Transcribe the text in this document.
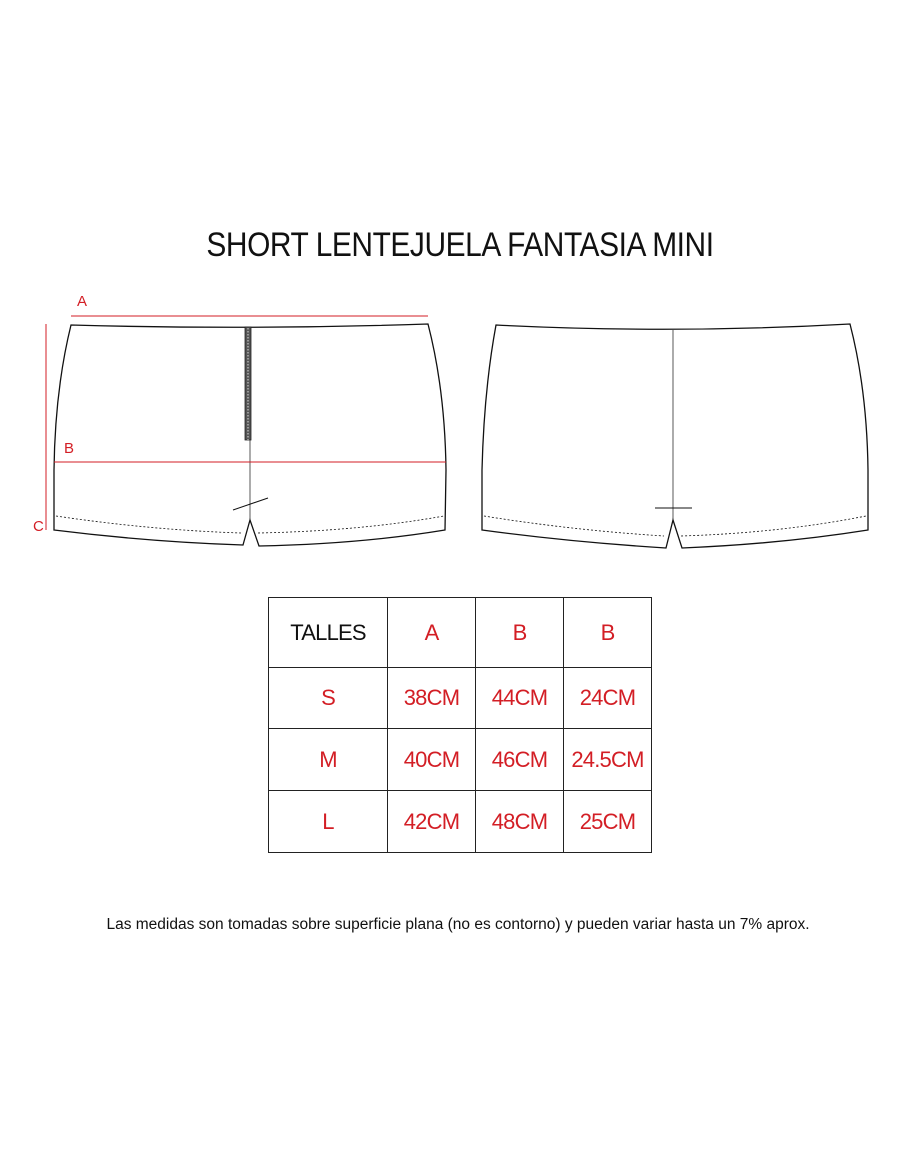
SHORT LENTEJUELA FANTASIA MINI
A
B
C
TALLES	A	B	B
S	38CM	44CM	24CM
M	40CM	46CM	24.5CM
L	42CM	48CM	25CM
Las medidas son tomadas sobre superficie plana (no es contorno) y pueden variar hasta un 7% aprox.
